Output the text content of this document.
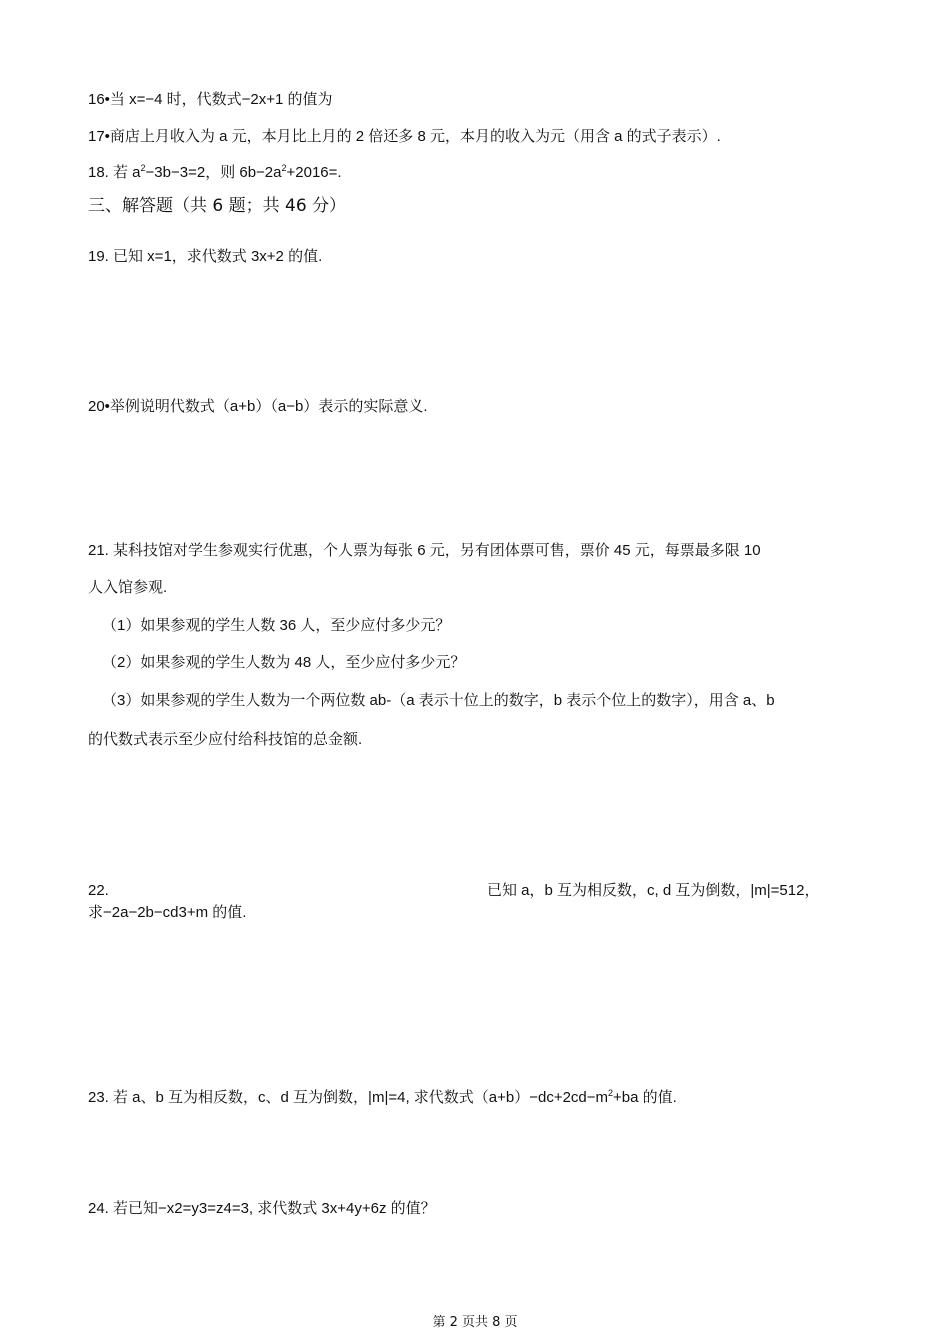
16•当 x=−4 时，代数式−2x+1 的值为
17•商店上月收入为 a 元，本月比上月的 2 倍还多 8 元，本月的收入为元（用含 a 的式子表示）.
18. 若 $a^2-3b-3=2$，则 $6b-2a^2+2016=$.
三、解答题（共 6 题；共 46 分）
19. 已知 x=1，求代数式 3x+2 的值.
20•举例说明代数式（a+b）（a−b）表示的实际意义.
21. 某科技馆对学生参观实行优惠，个人票为每张 6 元，另有团体票可售，票价 45 元，每票最多限 10
人入馆参观.
（1）如果参观的学生人数 36 人，至少应付多少元？
（2）如果参观的学生人数为 48 人，至少应付多少元？
（3）如果参观的学生人数为一个两位数 ab-（a 表示十位上的数字，b 表示个位上的数字），用含 a、b
的代数式表示至少应付给科技馆的总金额.
22.	已知 a，b 互为相反数，c, d 互为倒数，|m|=512，
求−2a−2b−cd3+m 的值.
23. 若 a、b 互为相反数，c、d 互为倒数，|m|=4, 求代数式$(a+b)-dc+2cd-m^2+ba$ 的值.
24. 若已知−x2=y3=z4=3, 求代数式 3x+4y+6z 的值？
第 2 页共 8 页
